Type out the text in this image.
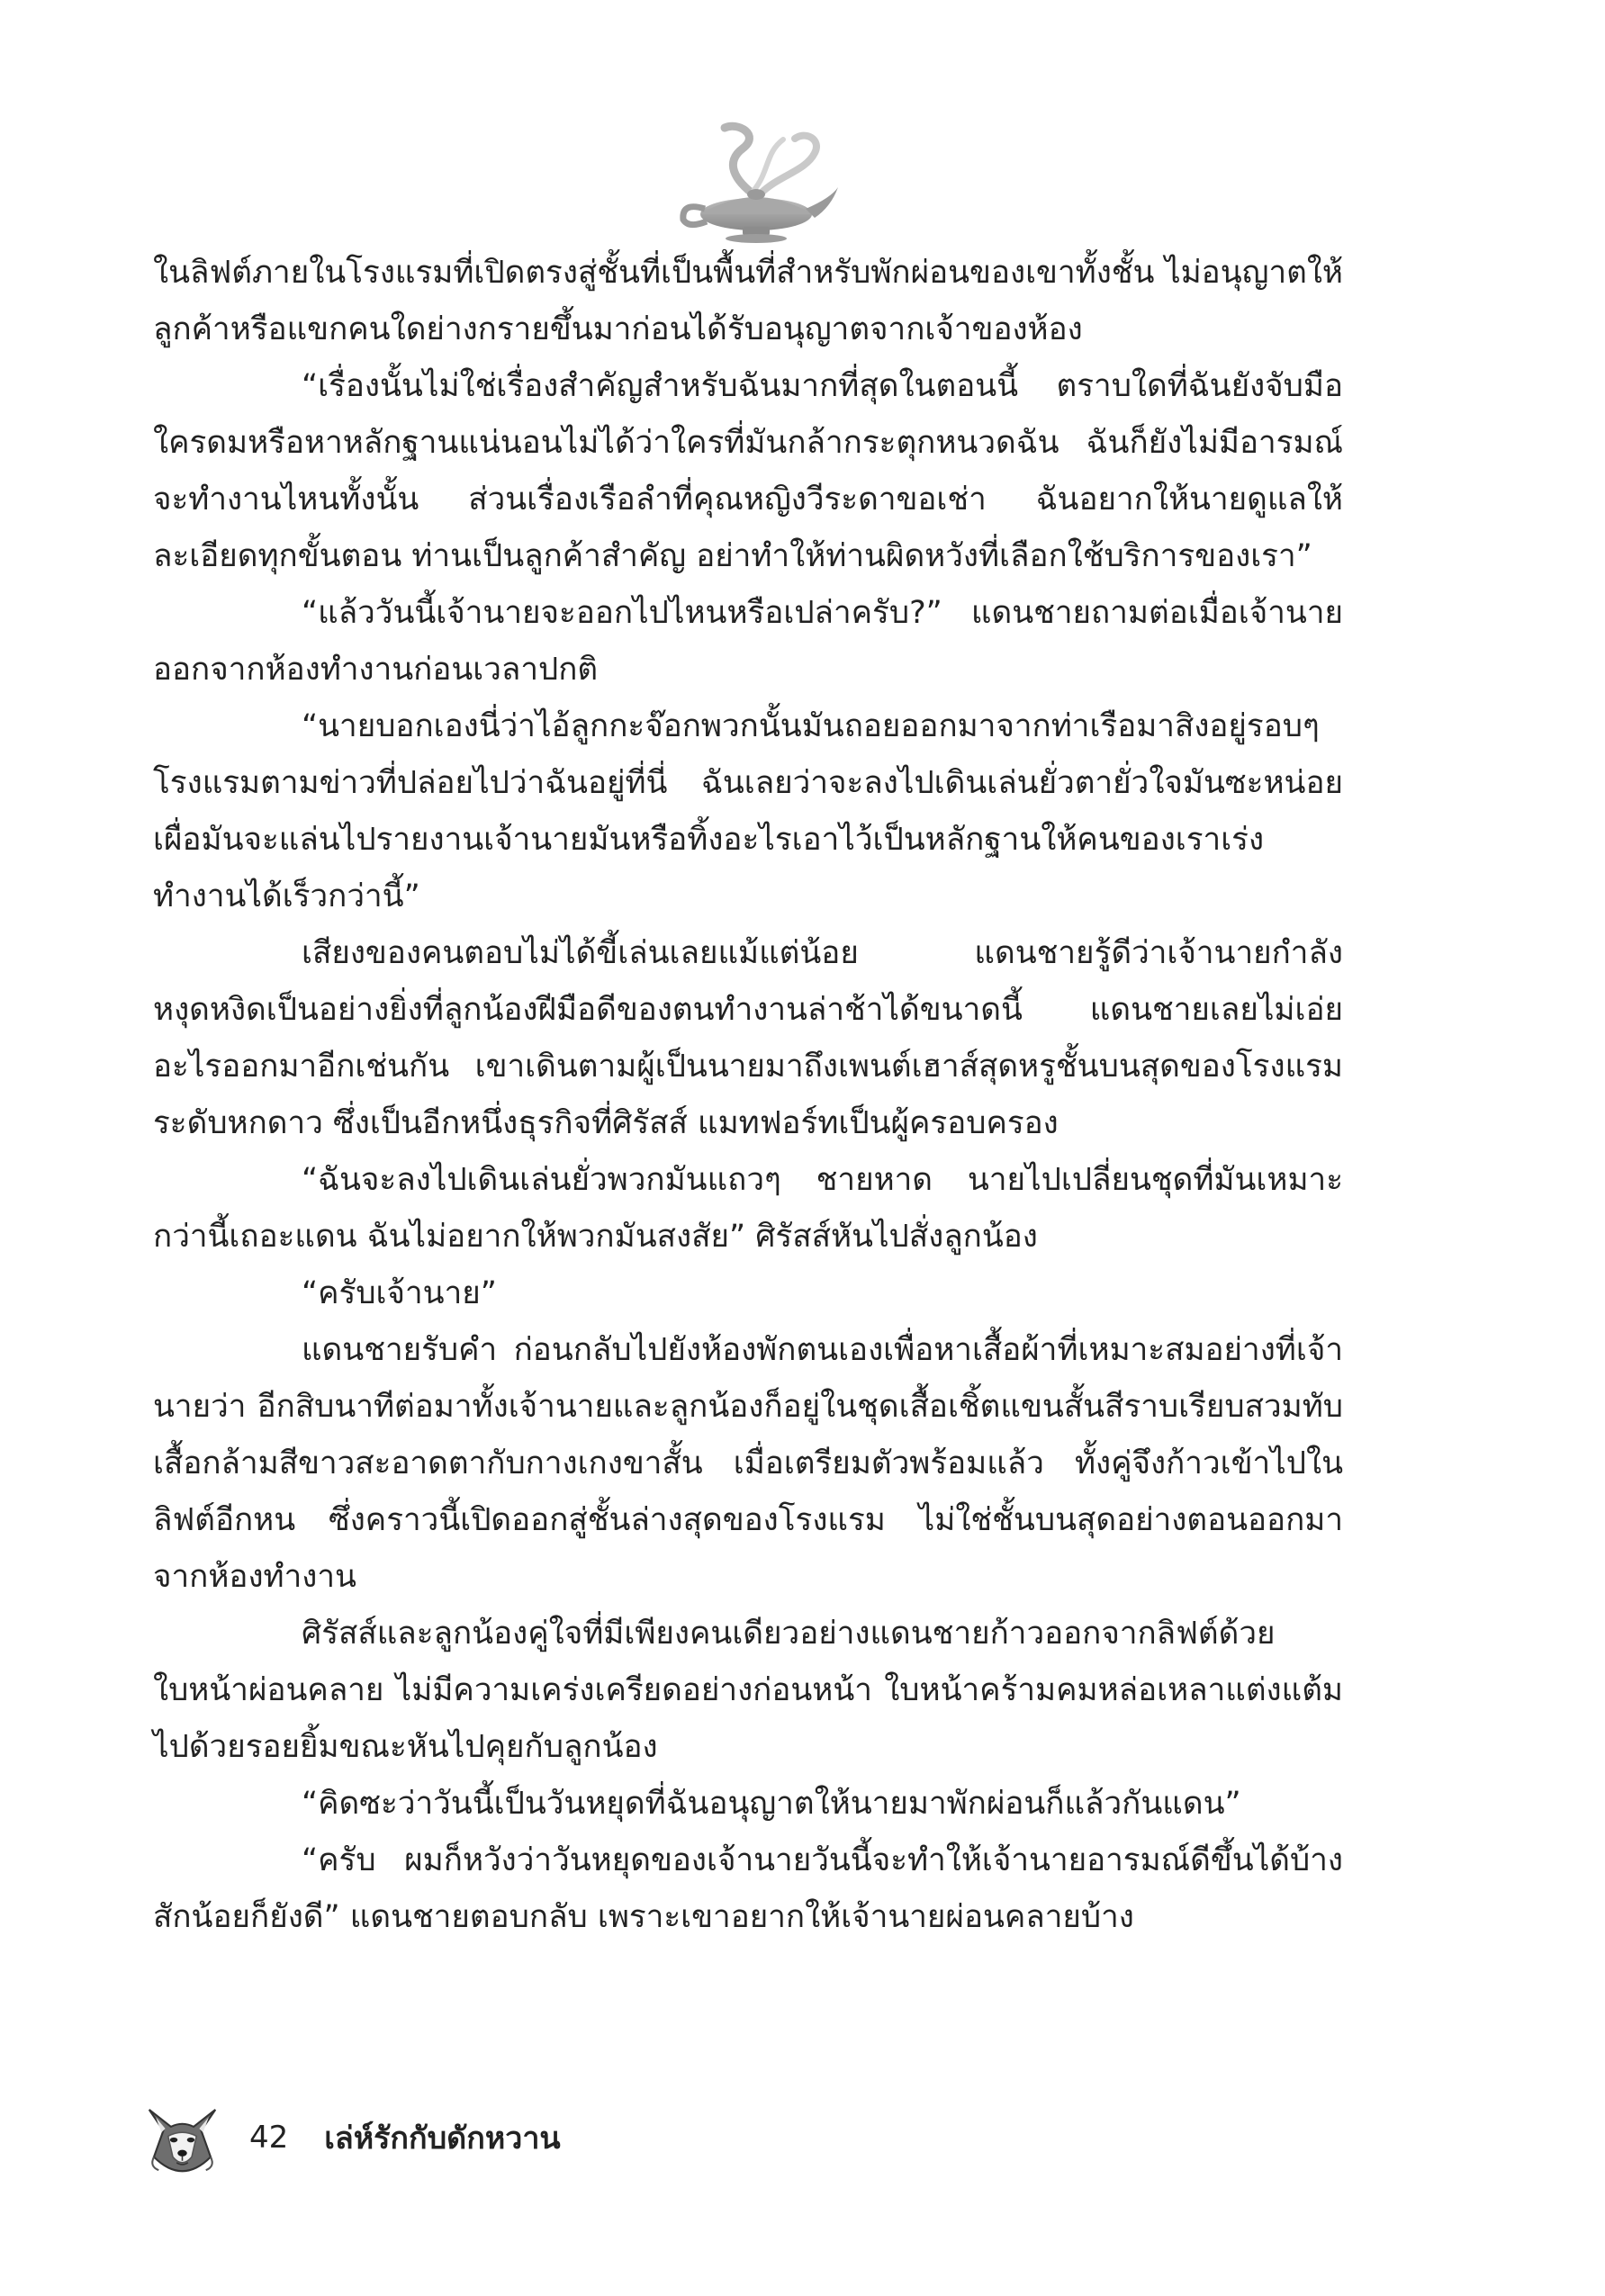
ในลิฟต์ภายในโรงแรมที่เปิดตรงสู่ชั้นที่เป็นพื้นที่สำหรับพักผ่อนของเขาทั้งชั้น ไม่อนุญาตให้ลูกค้าหรือแขกคนใดย่างกรายขึ้นมาก่อนได้รับอนุญาตจากเจ้าของห้อง

“เรื่องนั้นไม่ใช่เรื่องสำคัญสำหรับฉันมากที่สุดในตอนนี้ ตราบใดที่ฉันยังจับมือใครดมหรือหาหลักฐานแน่นอนไม่ได้ว่าใครที่มันกล้ากระตุกหนวดฉัน ฉันก็ยังไม่มีอารมณ์จะทำงานไหนทั้งนั้น ส่วนเรื่องเรือลำที่คุณหญิงวีระดาขอเช่า ฉันอยากให้นายดูแลให้ละเอียดทุกขั้นตอน ท่านเป็นลูกค้าสำคัญ อย่าทำให้ท่านผิดหวังที่เลือกใช้บริการของเรา”

“แล้ววันนี้เจ้านายจะออกไปไหนหรือเปล่าครับ?” แดนชายถามต่อเมื่อเจ้านายออกจากห้องทำงานก่อนเวลาปกติ

“นายบอกเองนี่ว่าไอ้ลูกกะจ๊อกพวกนั้นมันถอยออกมาจากท่าเรือมาสิงอยู่รอบๆ โรงแรมตามข่าวที่ปล่อยไปว่าฉันอยู่ที่นี่ ฉันเลยว่าจะลงไปเดินเล่นยั่วตายั่วใจมันซะหน่อย เผื่อมันจะแล่นไปรายงานเจ้านายมันหรือทิ้งอะไรเอาไว้เป็นหลักฐานให้คนของเราเร่งทำงานได้เร็วกว่านี้”

เสียงของคนตอบไม่ได้ขี้เล่นเลยแม้แต่น้อย แดนชายรู้ดีว่าเจ้านายกำลังหงุดหงิดเป็นอย่างยิ่งที่ลูกน้องฝีมือดีของตนทำงานล่าช้าได้ขนาดนี้ แดนชายเลยไม่เอ่ยอะไรออกมาอีกเช่นกัน เขาเดินตามผู้เป็นนายมาถึงเพนต์เฮาส์สุดหรูชั้นบนสุดของโรงแรมระดับหกดาว ซึ่งเป็นอีกหนึ่งธุรกิจที่ศิรัสส์ แมทฟอร์ทเป็นผู้ครอบครอง

“ฉันจะลงไปเดินเล่นยั่วพวกมันแถวๆ ชายหาด นายไปเปลี่ยนชุดที่มันเหมาะกว่านี้เถอะแดน ฉันไม่อยากให้พวกมันสงสัย” ศิรัสส์หันไปสั่งลูกน้อง

“ครับเจ้านาย”

แดนชายรับคำ ก่อนกลับไปยังห้องพักตนเองเพื่อหาเสื้อผ้าที่เหมาะสมอย่างที่เจ้านายว่า อีกสิบนาทีต่อมาทั้งเจ้านายและลูกน้องก็อยู่ในชุดเสื้อเชิ้ตแขนสั้นสีราบเรียบสวมทับเสื้อกล้ามสีขาวสะอาดตากับกางเกงขาสั้น เมื่อเตรียมตัวพร้อมแล้ว ทั้งคู่จึงก้าวเข้าไปในลิฟต์อีกหน ซึ่งคราวนี้เปิดออกสู่ชั้นล่างสุดของโรงแรม ไม่ใช่ชั้นบนสุดอย่างตอนออกมาจากห้องทำงาน

ศิรัสส์และลูกน้องคู่ใจที่มีเพียงคนเดียวอย่างแดนชายก้าวออกจากลิฟต์ด้วยใบหน้าผ่อนคลาย ไม่มีความเคร่งเครียดอย่างก่อนหน้า ใบหน้าคร้ามคมหล่อเหลาแต่งแต้มไปด้วยรอยยิ้มขณะหันไปคุยกับลูกน้อง

“คิดซะว่าวันนี้เป็นวันหยุดที่ฉันอนุญาตให้นายมาพักผ่อนก็แล้วกันแดน”

“ครับ ผมก็หวังว่าวันหยุดของเจ้านายวันนี้จะทำให้เจ้านายอารมณ์ดีขึ้นได้บ้างสักน้อยก็ยังดี” แดนชายตอบกลับ เพราะเขาอยากให้เจ้านายผ่อนคลายบ้าง

42 เล่ห์รักกับดักหวาน
